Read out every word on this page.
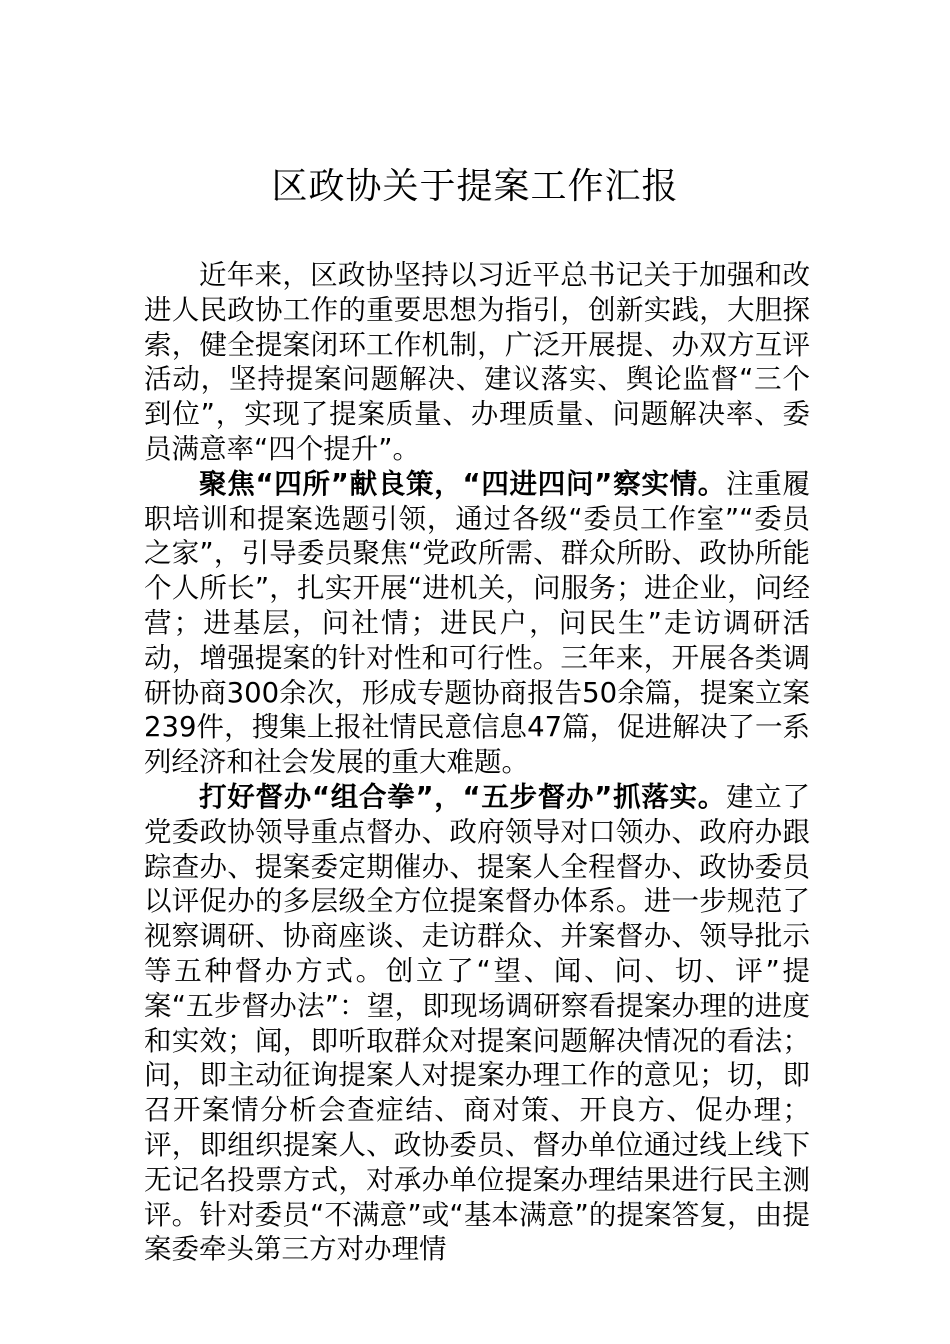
区政协关于提案工作汇报

近年来，区政协坚持以习近平总书记关于加强和改进人民政协工作的重要思想为指引，创新实践，大胆探索，健全提案闭环工作机制，广泛开展提、办双方互评活动，坚持提案问题解决、建议落实、舆论监督“三个到位”，实现了提案质量、办理质量、问题解决率、委员满意率“四个提升”。

聚焦“四所”献良策，“四进四问”察实情。注重履职培训和提案选题引领，通过各级“委员工作室”“委员之家”，引导委员聚焦“党政所需、群众所盼、政协所能个人所长”，扎实开展“进机关，问服务；进企业，问经营；进基层，问社情；进民户，问民生”走访调研活动，增强提案的针对性和可行性。三年来，开展各类调研协商300余次，形成专题协商报告50余篇，提案立案239件，搜集上报社情民意信息47篇，促进解决了一系列经济和社会发展的重大难题。

打好督办“组合拳”，“五步督办”抓落实。建立了党委政协领导重点督办、政府领导对口领办、政府办跟踪查办、提案委定期催办、提案人全程督办、政协委员以评促办的多层级全方位提案督办体系。进一步规范了视察调研、协商座谈、走访群众、并案督办、领导批示等五种督办方式。创立了“望、闻、问、切、评”提案“五步督办法”：望，即现场调研察看提案办理的进度和实效；闻，即听取群众对提案问题解决情况的看法；问，即主动征询提案人对提案办理工作的意见；切，即召开案情分析会查症结、商对策、开良方、促办理；评，即组织提案人、政协委员、督办单位通过线上线下无记名投票方式，对承办单位提案办理结果进行民主测评。针对委员“不满意”或“基本满意”的提案答复，由提案委牵头第三方对办理情
